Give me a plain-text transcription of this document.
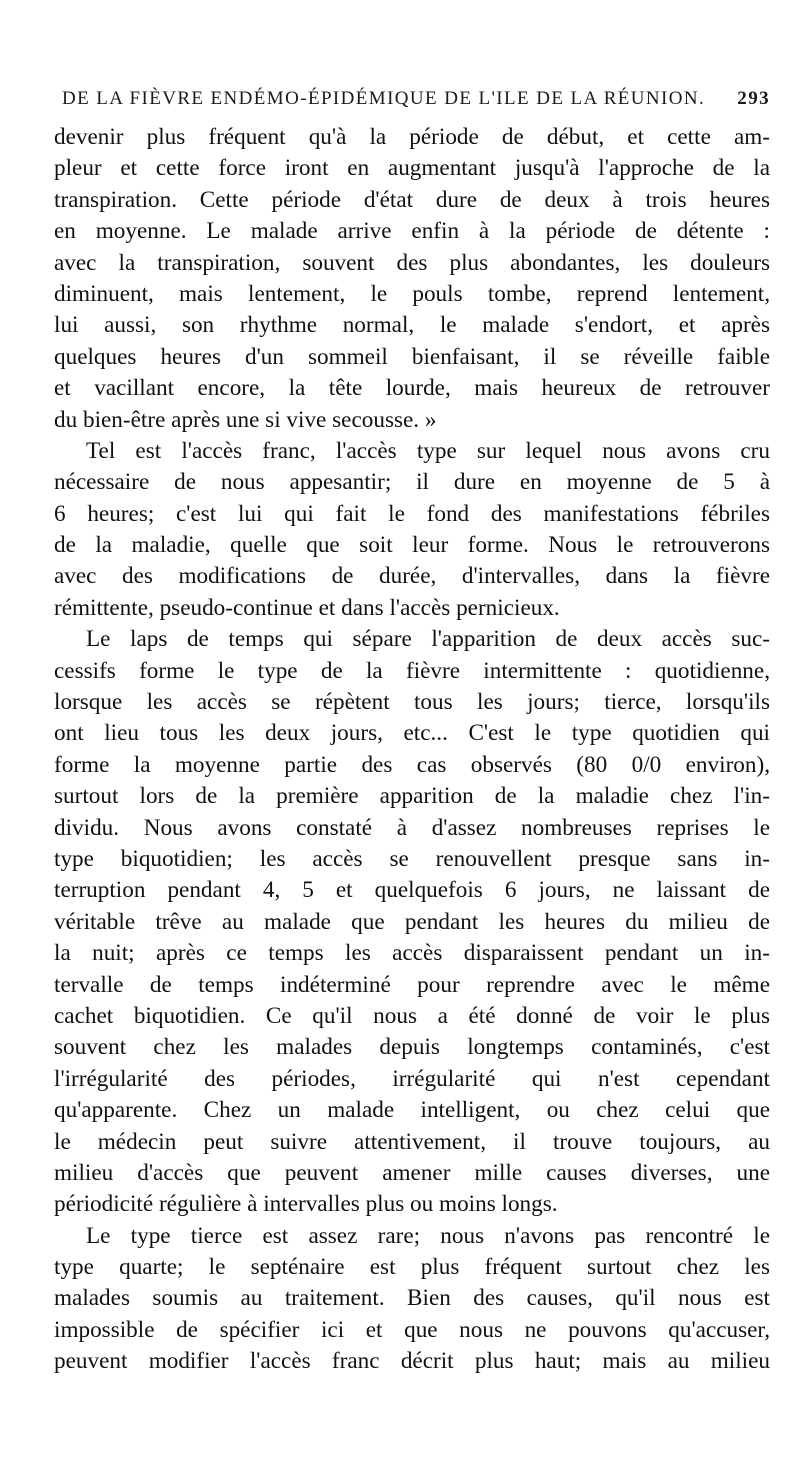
DE LA FIÈVRE ENDÉMO-ÉPIDÉMIQUE DE L'ILE DE LA RÉUNION. 293
devenir plus fréquent qu'à la période de début, et cette am-
pleur et cette force iront en augmentant jusqu'à l'approche de la
transpiration. Cette période d'état dure de deux à trois heures
en moyenne. Le malade arrive enfin à la période de détente :
avec la transpiration, souvent des plus abondantes, les douleurs
diminuent, mais lentement, le pouls tombe, reprend lentement,
lui aussi, son rhythme normal, le malade s'endort, et après
quelques heures d'un sommeil bienfaisant, il se réveille faible
et vacillant encore, la tête lourde, mais heureux de retrouver
du bien-être après une si vive secousse. »
Tel est l'accès franc, l'accès type sur lequel nous avons cru
nécessaire de nous appesantir; il dure en moyenne de 5 à
6 heures; c'est lui qui fait le fond des manifestations fébriles
de la maladie, quelle que soit leur forme. Nous le retrouverons
avec des modifications de durée, d'intervalles, dans la fièvre
rémittente, pseudo-continue et dans l'accès pernicieux.
Le laps de temps qui sépare l'apparition de deux accès suc-
cessifs forme le type de la fièvre intermittente : quotidienne,
lorsque les accès se répètent tous les jours; tierce, lorsqu'ils
ont lieu tous les deux jours, etc... C'est le type quotidien qui
forme la moyenne partie des cas observés (80 0/0 environ),
surtout lors de la première apparition de la maladie chez l'in-
dividu. Nous avons constaté à d'assez nombreuses reprises le
type biquotidien; les accès se renouvellent presque sans in-
terruption pendant 4, 5 et quelquefois 6 jours, ne laissant de
véritable trêve au malade que pendant les heures du milieu de
la nuit; après ce temps les accès disparaissent pendant un in-
tervalle de temps indéterminé pour reprendre avec le même
cachet biquotidien. Ce qu'il nous a été donné de voir le plus
souvent chez les malades depuis longtemps contaminés, c'est
l'irrégularité des périodes, irrégularité qui n'est cependant
qu'apparente. Chez un malade intelligent, ou chez celui que
le médecin peut suivre attentivement, il trouve toujours, au
milieu d'accès que peuvent amener mille causes diverses, une
périodicité régulière à intervalles plus ou moins longs.
Le type tierce est assez rare; nous n'avons pas rencontré le
type quarte; le septénaire est plus fréquent surtout chez les
malades soumis au traitement. Bien des causes, qu'il nous est
impossible de spécifier ici et que nous ne pouvons qu'accuser,
peuvent modifier l'accès franc décrit plus haut; mais au milieu
